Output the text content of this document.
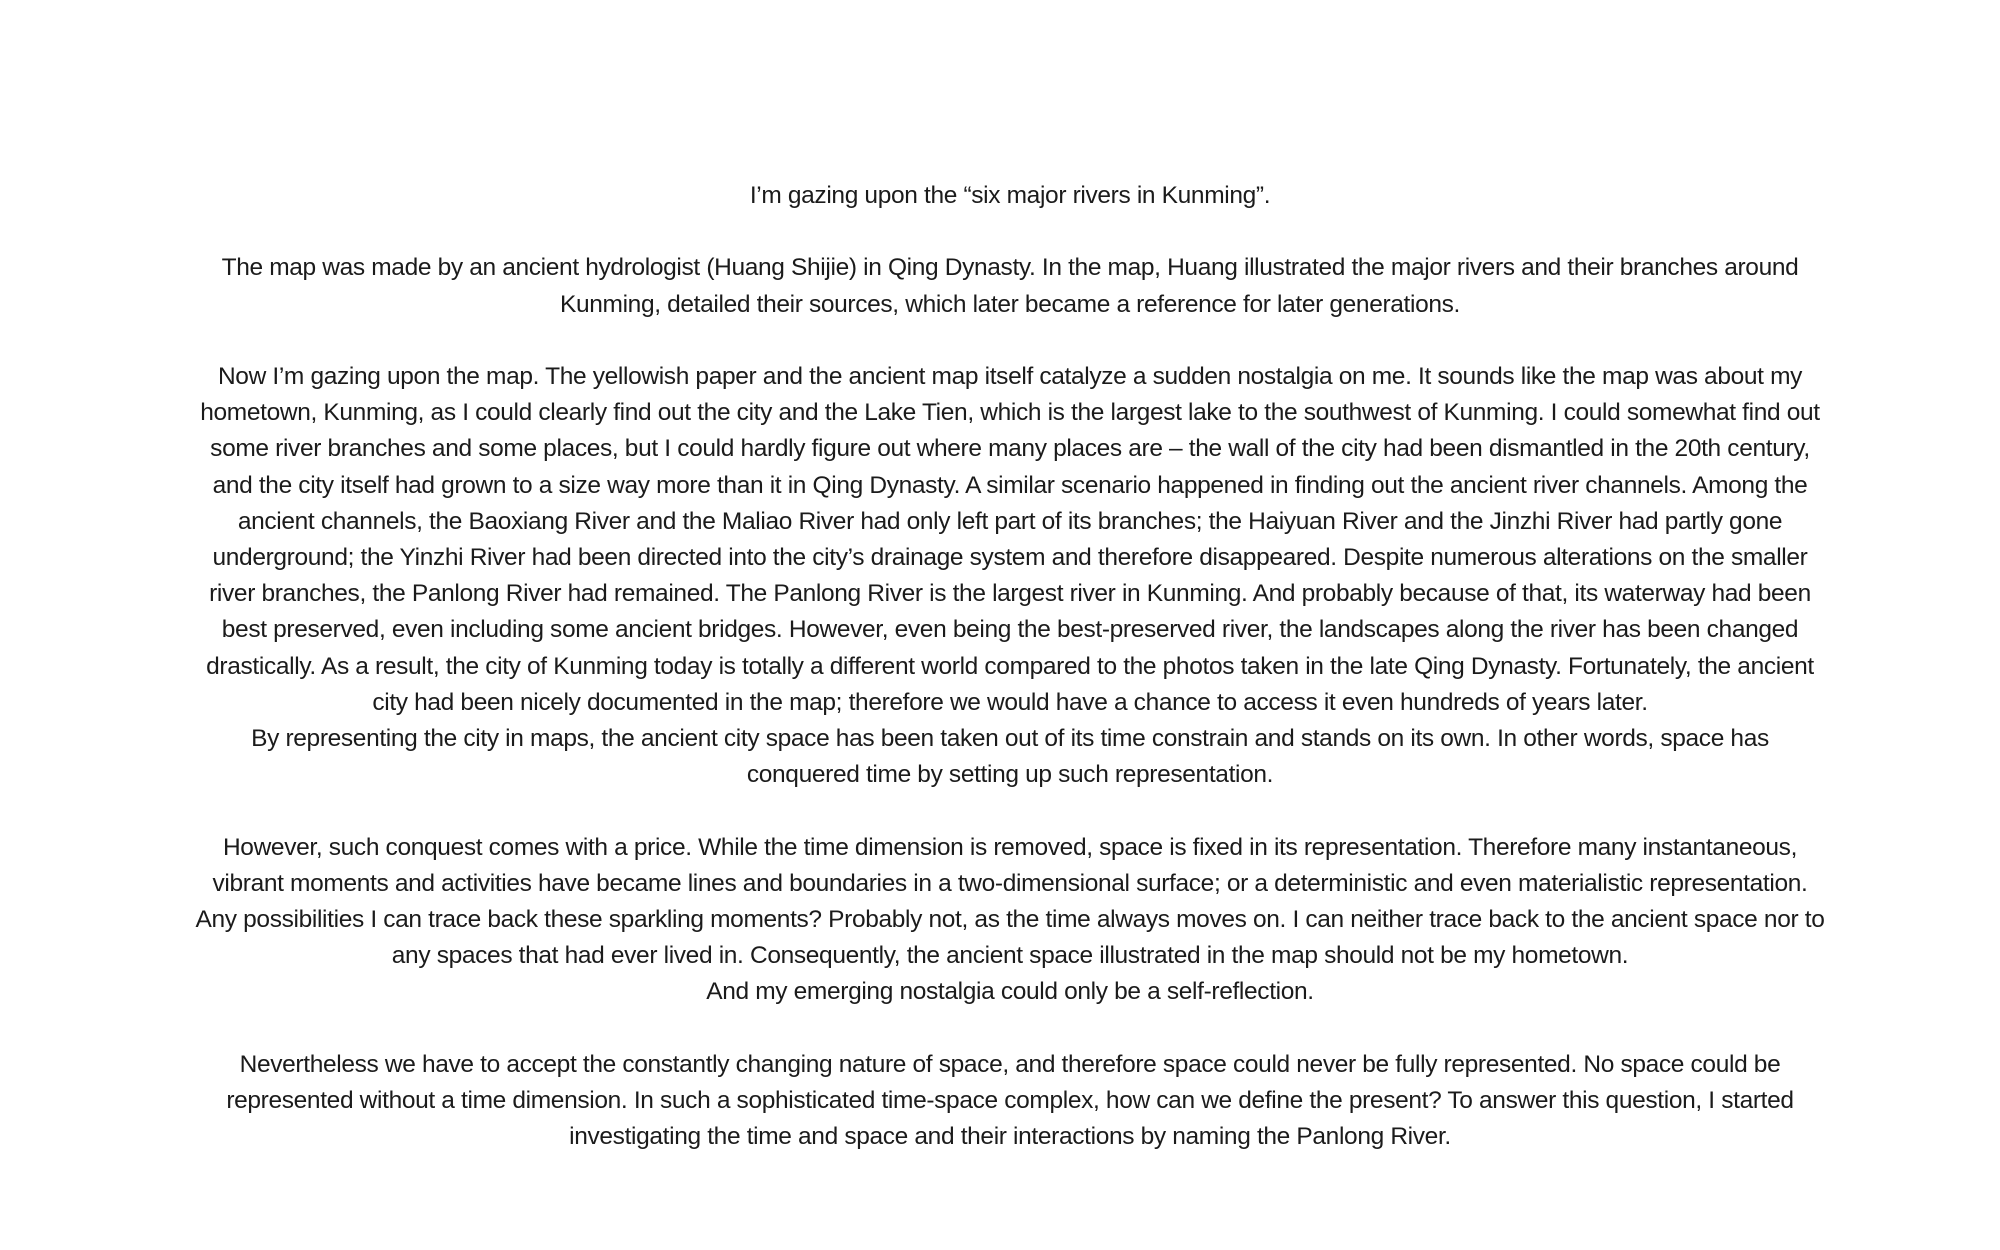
I’m gazing upon the “six major rivers in Kunming”.

The map was made by an ancient hydrologist (Huang Shijie) in Qing Dynasty. In the map, Huang illustrated the major rivers and their branches around Kunming, detailed their sources, which later became a reference for later generations.

Now I’m gazing upon the map. The yellowish paper and the ancient map itself catalyze a sudden nostalgia on me. It sounds like the map was about my hometown, Kunming, as I could clearly find out the city and the Lake Tien, which is the largest lake to the southwest of Kunming. I could somewhat find out some river branches and some places, but I could hardly figure out where many places are – the wall of the city had been dismantled in the 20th century, and the city itself had grown to a size way more than it in Qing Dynasty. A similar scenario happened in finding out the ancient river channels. Among the ancient channels, the Baoxiang River and the Maliao River had only left part of its branches; the Haiyuan River and the Jinzhi River had partly gone underground; the Yinzhi River had been directed into the city’s drainage system and therefore disappeared. Despite numerous alterations on the smaller river branches, the Panlong River had remained. The Panlong River is the largest river in Kunming. And probably because of that, its waterway had been best preserved, even including some ancient bridges. However, even being the best-preserved river, the landscapes along the river has been changed drastically. As a result, the city of Kunming today is totally a different world compared to the photos taken in the late Qing Dynasty. Fortunately, the ancient city had been nicely documented in the map; therefore we would have a chance to access it even hundreds of years later.

By representing the city in maps, the ancient city space has been taken out of its time constrain and stands on its own. In other words, space has conquered time by setting up such representation.

However, such conquest comes with a price. While the time dimension is removed, space is fixed in its representation. Therefore many instantaneous, vibrant moments and activities have became lines and boundaries in a two-dimensional surface; or a deterministic and even materialistic representation. Any possibilities I can trace back these sparkling moments? Probably not, as the time always moves on. I can neither trace back to the ancient space nor to any spaces that had ever lived in. Consequently, the ancient space illustrated in the map should not be my hometown.

And my emerging nostalgia could only be a self-reflection.

Nevertheless we have to accept the constantly changing nature of space, and therefore space could never be fully represented. No space could be represented without a time dimension. In such a sophisticated time-space complex, how can we define the present? To answer this question, I started investigating the time and space and their interactions by naming the Panlong River.
